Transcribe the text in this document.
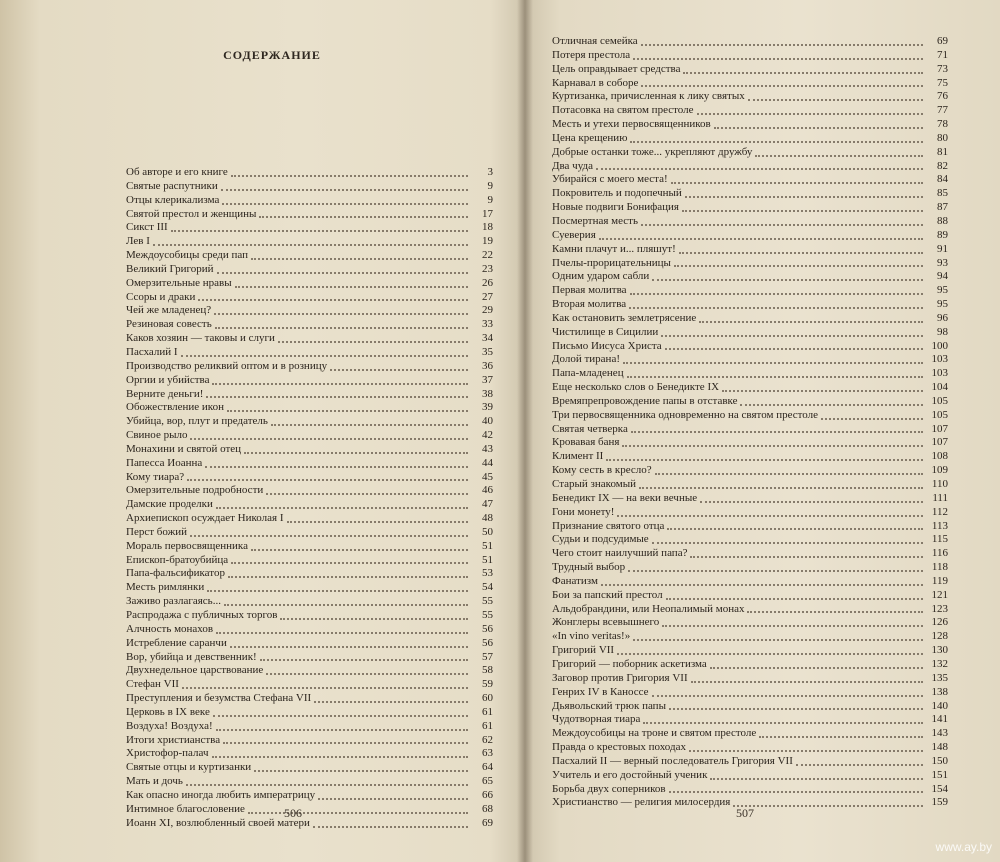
СОДЕРЖАНИЕ
Об авторе и его книге	3
Святые распутники	9
Отцы клерикализма	9
Святой престол и женщины	17
Сикст III	18
Лев I	19
Междоусобицы среди пап	22
Великий Григорий	23
Омерзительные нравы	26
Ссоры и драки	27
Чей же младенец?	29
Резиновая совесть	33
Каков хозяин — таковы и слуги	34
Пасхалий I	35
Производство реликвий оптом и в розницу	36
Оргии и убийства	37
Верните деньги!	38
Обожествление икон	39
Убийца, вор, плут и предатель	40
Свиное рыло	42
Монахини и святой отец	43
Папесса Иоанна	44
Кому тиара?	45
Омерзительные подробности	46
Дамские проделки	47
Архиепископ осуждает Николая I	48
Перст божий	50
Мораль первосвященника	51
Епископ-братоубийца	51
Папа-фальсификатор	53
Месть римлянки	54
Заживо разлагаясь...	55
Распродажа с публичных торгов	55
Алчность монахов	56
Истребление саранчи	56
Вор, убийца и девственник!	57
Двухнедельное царствование	58
Стефан VII	59
Преступления и безумства Стефана VII	60
Церковь в IX веке	61
Воздуха! Воздуха!	61
Итоги христианства	62
Христофор-палач	63
Святые отцы и куртизанки	64
Мать и дочь	65
Как опасно иногда любить императрицу	66
Интимное благословение	68
Иоанн XI, возлюбленный своей матери	69
506
Отличная семейка	69
Потеря престола	71
Цель оправдывает средства	73
Карнавал в соборе	75
Куртизанка, причисленная к лику святых	76
Потасовка на святом престоле	77
Месть и утехи первосвященников	78
Цена крещению	80
Добрые останки тоже... укрепляют дружбу	81
Два чуда	82
Убирайся с моего места!	84
Покровитель и подопечный	85
Новые подвиги Бонифация	87
Посмертная месть	88
Суеверия	89
Камни плачут и... пляшут!	91
Пчелы-прорицательницы	93
Одним ударом сабли	94
Первая молитва	95
Вторая молитва	95
Как остановить землетрясение	96
Чистилище в Сицилии	98
Письмо Иисуса Христа	100
Долой тирана!	103
Папа-младенец	103
Еще несколько слов о Бенедикте IX	104
Времяпрепровождение папы в отставке	105
Три первосвященника одновременно на святом престоле	105
Святая четверка	107
Кровавая баня	107
Климент II	108
Кому сесть в кресло?	109
Старый знакомый	110
Бенедикт IX — на веки вечные	111
Гони монету!	112
Признание святого отца	113
Судьи и подсудимые	115
Чего стоит наилучший папа?	116
Трудный выбор	118
Фанатизм	119
Бои за папский престол	121
Альдобрандини, или Неопалимый монах	123
Жонглеры всевышнего	126
«In vino veritas!»	128
Григорий VII	130
Григорий — поборник аскетизма	132
Заговор против Григория VII	135
Генрих IV в Каноссе	138
Дьявольский трюк папы	140
Чудотворная тиара	141
Междоусобицы на троне и святом престоле	143
Правда о крестовых походах	148
Пасхалий II — верный последователь Григория VII	150
Учитель и его достойный ученик	151
Борьба двух соперников	154
Христианство — религия милосердия	159
507
www.ay.by
